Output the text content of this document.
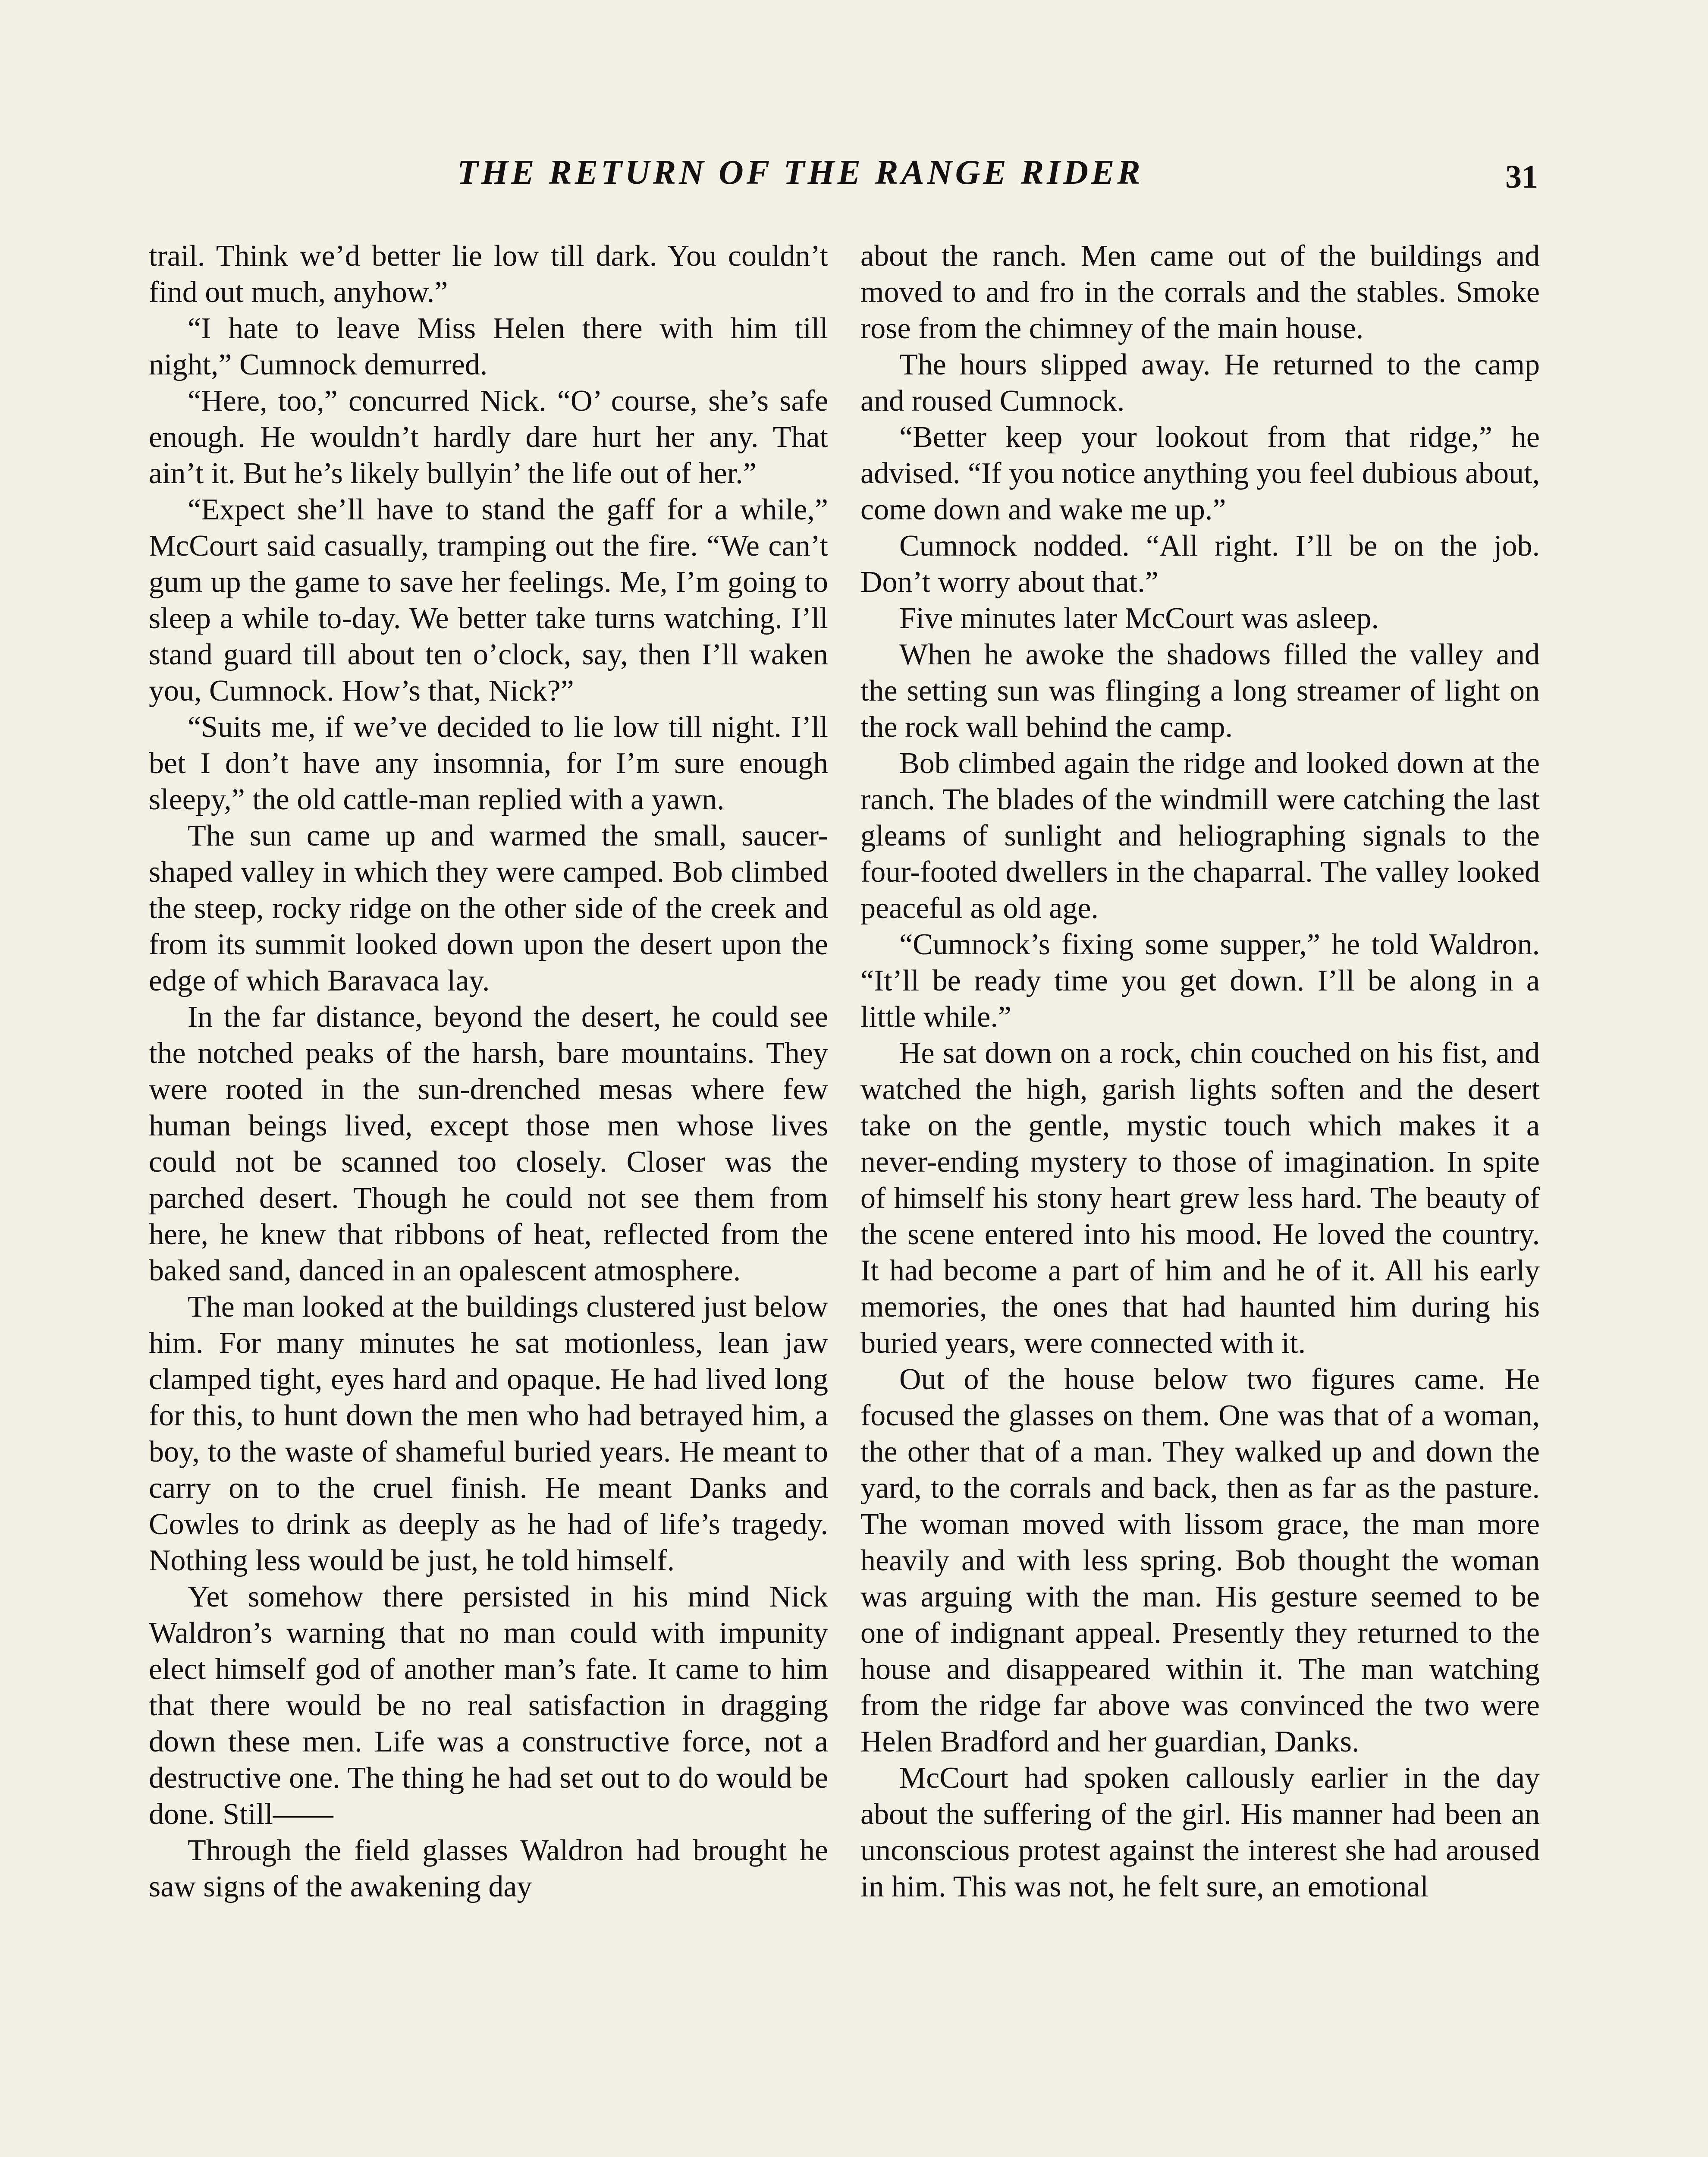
THE RETURN OF THE RANGE RIDER	31

trail. Think we’d better lie low till dark. You couldn’t find out much, anyhow.”

“I hate to leave Miss Helen there with him till night,” Cumnock demurred.

“Here, too,” concurred Nick. “O’ course, she’s safe enough. He wouldn’t hardly dare hurt her any. That ain’t it. But he’s likely bullyin’ the life out of her.”

“Expect she’ll have to stand the gaff for a while,” McCourt said casually, tramping out the fire. “We can’t gum up the game to save her feelings. Me, I’m going to sleep a while to-day. We better take turns watching. I’ll stand guard till about ten o’clock, say, then I’ll waken you, Cumnock. How’s that, Nick?”

“Suits me, if we’ve decided to lie low till night. I’ll bet I don’t have any insomnia, for I’m sure enough sleepy,” the old cattle-man replied with a yawn.

The sun came up and warmed the small, saucer-shaped valley in which they were camped. Bob climbed the steep, rocky ridge on the other side of the creek and from its summit looked down upon the desert upon the edge of which Baravaca lay.

In the far distance, beyond the desert, he could see the notched peaks of the harsh, bare mountains. They were rooted in the sun-drenched mesas where few human beings lived, except those men whose lives could not be scanned too closely. Closer was the parched desert. Though he could not see them from here, he knew that ribbons of heat, reflected from the baked sand, danced in an opalescent atmosphere.

The man looked at the buildings clustered just below him. For many minutes he sat motionless, lean jaw clamped tight, eyes hard and opaque. He had lived long for this, to hunt down the men who had betrayed him, a boy, to the waste of shameful buried years. He meant to carry on to the cruel finish. He meant Danks and Cowles to drink as deeply as he had of life’s tragedy. Nothing less would be just, he told himself.

Yet somehow there persisted in his mind Nick Waldron’s warning that no man could with impunity elect himself god of another man’s fate. It came to him that there would be no real satisfaction in dragging down these men. Life was a constructive force, not a destructive one. The thing he had set out to do would be done. Still——

Through the field glasses Waldron had brought he saw signs of the awakening day

about the ranch. Men came out of the buildings and moved to and fro in the corrals and the stables. Smoke rose from the chimney of the main house.

The hours slipped away. He returned to the camp and roused Cumnock.

“Better keep your lookout from that ridge,” he advised. “If you notice anything you feel dubious about, come down and wake me up.”

Cumnock nodded. “All right. I’ll be on the job. Don’t worry about that.”

Five minutes later McCourt was asleep.

When he awoke the shadows filled the valley and the setting sun was flinging a long streamer of light on the rock wall behind the camp.

Bob climbed again the ridge and looked down at the ranch. The blades of the windmill were catching the last gleams of sunlight and heliographing signals to the four-footed dwellers in the chaparral. The valley looked peaceful as old age.

“Cumnock’s fixing some supper,” he told Waldron. “It’ll be ready time you get down. I’ll be along in a little while.”

He sat down on a rock, chin couched on his fist, and watched the high, garish lights soften and the desert take on the gentle, mystic touch which makes it a never-ending mystery to those of imagination. In spite of himself his stony heart grew less hard. The beauty of the scene entered into his mood. He loved the country. It had become a part of him and he of it. All his early memories, the ones that had haunted him during his buried years, were connected with it.

Out of the house below two figures came. He focused the glasses on them. One was that of a woman, the other that of a man. They walked up and down the yard, to the corrals and back, then as far as the pasture. The woman moved with lissom grace, the man more heavily and with less spring. Bob thought the woman was arguing with the man. His gesture seemed to be one of indignant appeal. Presently they returned to the house and disappeared within it. The man watching from the ridge far above was convinced the two were Helen Bradford and her guardian, Danks.

McCourt had spoken callously earlier in the day about the suffering of the girl. His manner had been an unconscious protest against the interest she had aroused in him. This was not, he felt sure, an emotional
